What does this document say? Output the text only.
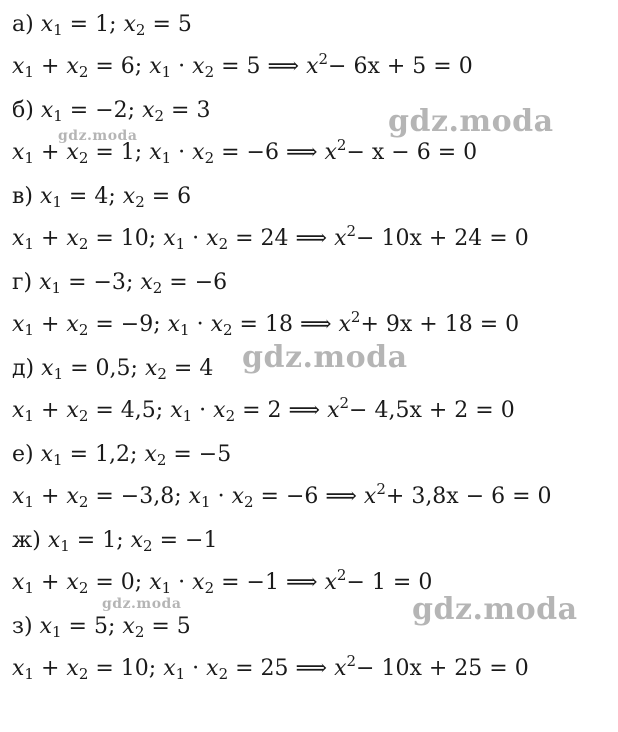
а) $x_1 = 1$; $x_2 = 5$
$x_1 + x_2 = 6$; $x_1 \cdot x_2 = 5$ ⟹ $x^2- 6x + 5 = 0$
б) $x_1 = -2$; $x_2 = 3$
$x_1 + x_2 = 1$; $x_1 \cdot x_2 = -6$ ⟹ $x^2- x - 6 = 0$
в) $x_1 = 4$; $x_2 = 6$
$x_1 + x_2 = 10$; $x_1 \cdot x_2 = 24$ ⟹ $x^2- 10x + 24 = 0$
г) $x_1 = -3$; $x_2 = -6$
$x_1 + x_2 = -9$; $x_1 \cdot x_2 = 18$ ⟹ $x^2+ 9x + 18 = 0$
д) $x_1 = 0,5$; $x_2 = 4$
$x_1 + x_2 = 4,5$; $x_1 \cdot x_2 = 2$ ⟹ $x^2- 4,5x + 2 = 0$
е) $x_1 = 1,2$; $x_2 = -5$
$x_1 + x_2 = -3,8$; $x_1 \cdot x_2 = -6$ ⟹ $x^2+ 3,8x - 6 = 0$
ж) $x_1 = 1$; $x_2 = -1$
$x_1 + x_2 = 0$; $x_1 \cdot x_2 = -1$ ⟹ $x^2- 1 = 0$
з) $x_1 = 5$; $x_2 = 5$
$x_1 + x_2 = 10$; $x_1 \cdot x_2 = 25$ ⟹ $x^2- 10x + 25 = 0$
gdz.moda
gdz.moda
gdz.moda
gdz.moda	gdz.moda
